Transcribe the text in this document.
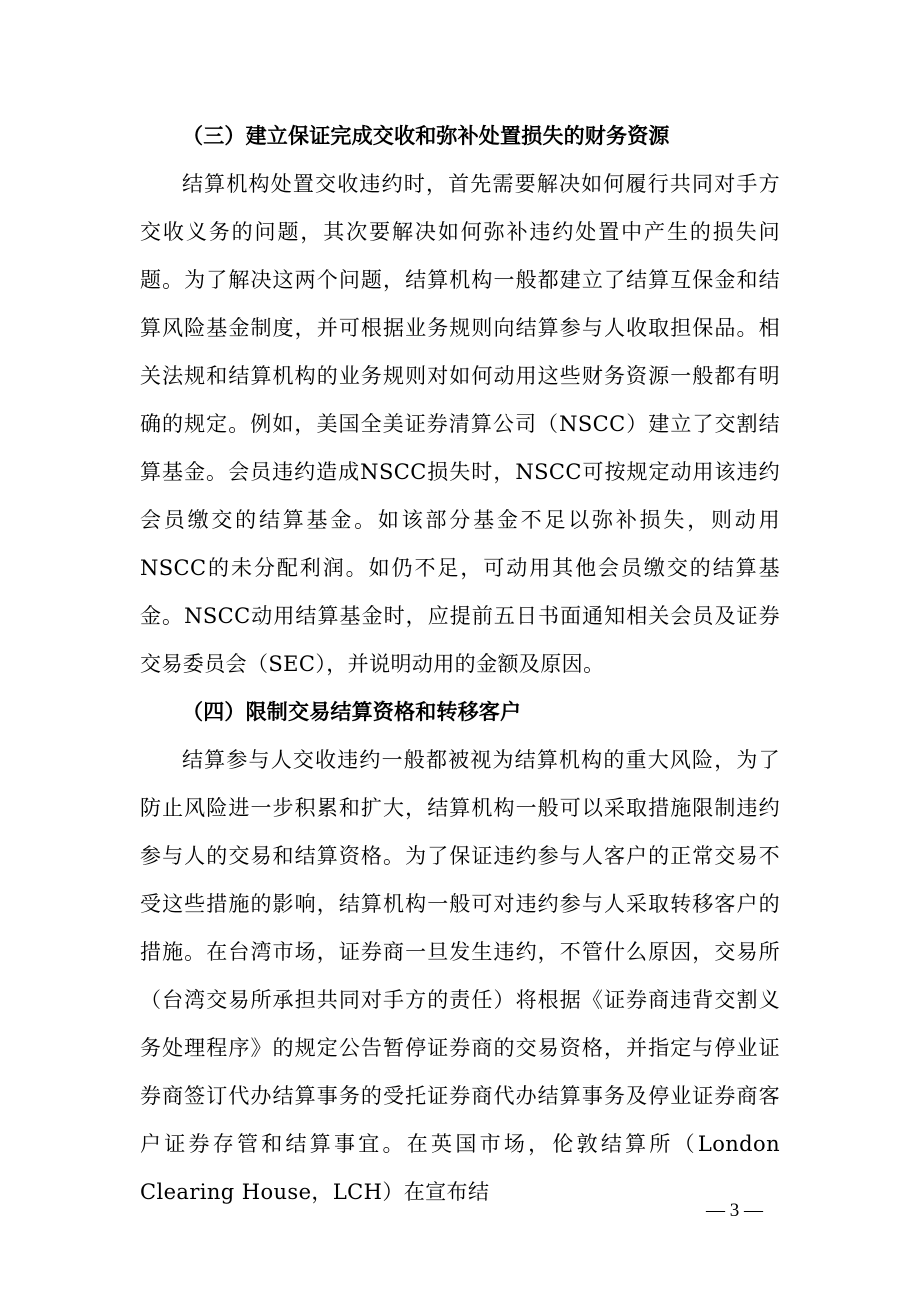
（三）建立保证完成交收和弥补处置损失的财务资源

结算机构处置交收违约时，首先需要解决如何履行共同对手方交收义务的问题，其次要解决如何弥补违约处置中产生的损失问题。为了解决这两个问题，结算机构一般都建立了结算互保金和结算风险基金制度，并可根据业务规则向结算参与人收取担保品。相关法规和结算机构的业务规则对如何动用这些财务资源一般都有明确的规定。例如，美国全美证券清算公司（NSCC）建立了交割结算基金。会员违约造成NSCC损失时，NSCC可按规定动用该违约会员缴交的结算基金。如该部分基金不足以弥补损失，则动用NSCC的未分配利润。如仍不足，可动用其他会员缴交的结算基金。NSCC动用结算基金时，应提前五日书面通知相关会员及证券交易委员会（SEC），并说明动用的金额及原因。

（四）限制交易结算资格和转移客户

结算参与人交收违约一般都被视为结算机构的重大风险，为了防止风险进一步积累和扩大，结算机构一般可以采取措施限制违约参与人的交易和结算资格。为了保证违约参与人客户的正常交易不受这些措施的影响，结算机构一般可对违约参与人采取转移客户的措施。在台湾市场，证券商一旦发生违约，不管什么原因，交易所（台湾交易所承担共同对手方的责任）将根据《证券商违背交割义务处理程序》的规定公告暂停证券商的交易资格，并指定与停业证券商签订代办结算事务的受托证券商代办结算事务及停业证券商客户证券存管和结算事宜。在英国市场，伦敦结算所（London Clearing House，LCH）在宣布结

— 3 —
